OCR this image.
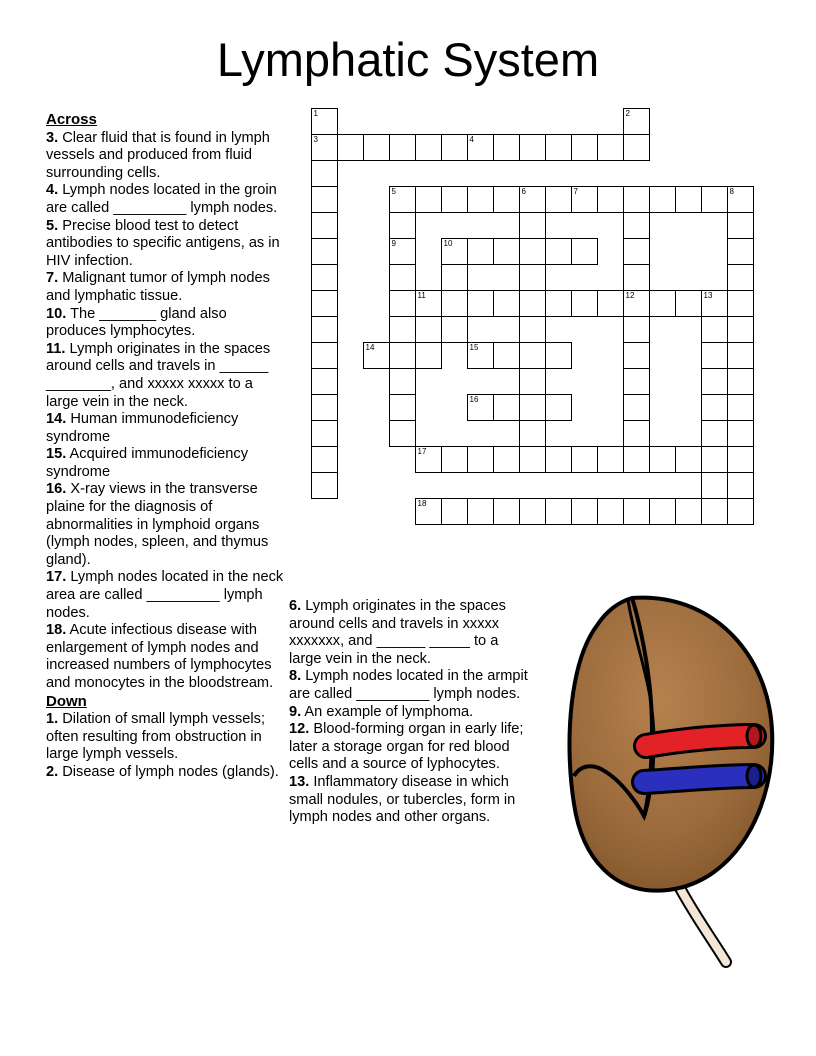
Lymphatic System
Across

3. Clear fluid that is found in lymph vessels and produced from fluid surrounding cells.

4. Lymph nodes located in the groin are called _________ lymph nodes.

5. Precise blood test to detect antibodies to specific antigens, as in HIV infection.

7. Malignant tumor of lymph nodes and lymphatic tissue.

10. The _______ gland also produces lymphocytes.

11. Lymph originates in the spaces around cells and travels in ______ ________, and xxxxx xxxxx to a large vein in the neck.

14. Human immunodeficiency syndrome

15. Acquired immunodeficiency syndrome

16. X-ray views in the transverse plaine for the diagnosis of abnormalities in lymphoid organs (lymph nodes, spleen, and thymus gland).

17. Lymph nodes located in the neck area are called _________ lymph nodes.

18. Acute infectious disease with enlargement of lymph nodes and increased numbers of lymphocytes and monocytes in the bloodstream.

Down

1. Dilation of small lymph vessels; often resulting from obstruction in large lymph vessels.

2. Disease of lymph nodes (glands).

6. Lymph originates in the spaces around cells and travels in xxxxx xxxxxxx, and ______ _____ to a large vein in the neck.

8. Lymph nodes located in the armpit are called _________ lymph nodes.

9. An example of lymphoma.

12. Blood-forming organ in early life; later a storage organ for red blood cells and a source of lyphocytes.

13. Inflammatory disease in which small nodules, or tubercles, form in lymph nodes and other organs.

1	2
3	4
5	6	7	8
9	10
11	12	13
14	15
16
17
18
